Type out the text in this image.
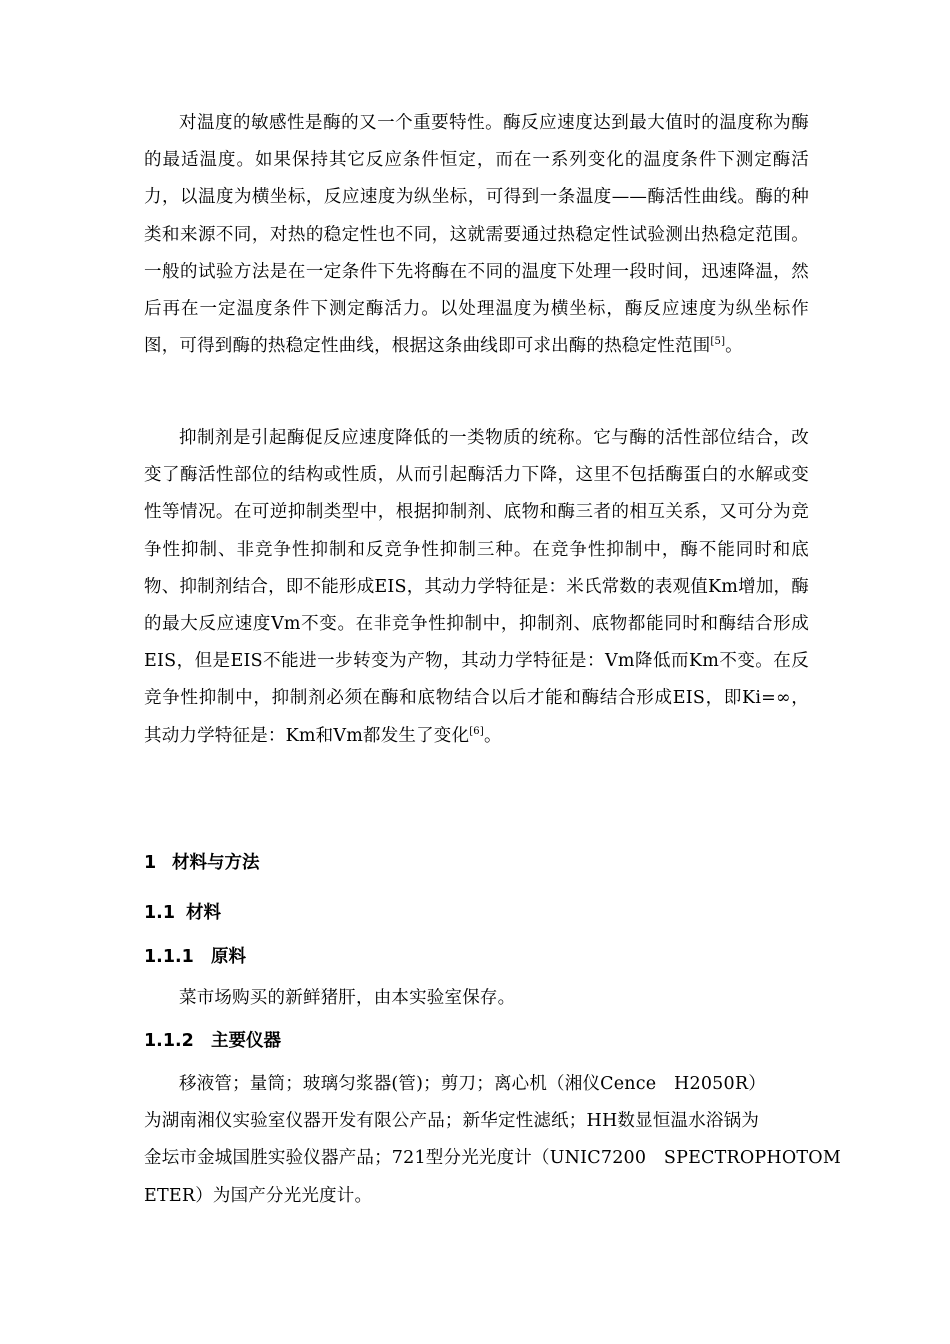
对温度的敏感性是酶的又一个重要特性。酶反应速度达到最大值时的温度称为酶的最适温度。如果保持其它反应条件恒定，而在一系列变化的温度条件下测定酶活力，以温度为横坐标，反应速度为纵坐标，可得到一条温度——酶活性曲线。酶的种类和来源不同，对热的稳定性也不同，这就需要通过热稳定性试验测出热稳定范围。一般的试验方法是在一定条件下先将酶在不同的温度下处理一段时间，迅速降温，然后再在一定温度条件下测定酶活力。以处理温度为横坐标，酶反应速度为纵坐标作图，可得到酶的热稳定性曲线，根据这条曲线即可求出酶的热稳定性范围[5]。

抑制剂是引起酶促反应速度降低的一类物质的统称。它与酶的活性部位结合，改变了酶活性部位的结构或性质，从而引起酶活力下降，这里不包括酶蛋白的水解或变性等情况。在可逆抑制类型中，根据抑制剂、底物和酶三者的相互关系，又可分为竞争性抑制、非竞争性抑制和反竞争性抑制三种。在竞争性抑制中，酶不能同时和底物、抑制剂结合，即不能形成EIS，其动力学特征是：米氏常数的表观值Km增加，酶的最大反应速度Vm不变。在非竞争性抑制中，抑制剂、底物都能同时和酶结合形成EIS，但是EIS不能进一步转变为产物，其动力学特征是：Vm降低而Km不变。在反竞争性抑制中，抑制剂必须在酶和底物结合以后才能和酶结合形成EIS，即Ki=∞，其动力学特征是：Km和Vm都发生了变化[6]。

1 材料与方法
1.1 材料
1.1.1 原料
菜市场购买的新鲜猪肝，由本实验室保存。
1.1.2 主要仪器
移液管；量筒；玻璃匀浆器(管)；剪刀；离心机（湘仪Cence　H2050R）
为湖南湘仪实验室仪器开发有限公产品；新华定性滤纸；HH数显恒温水浴锅为
金坛市金城国胜实验仪器产品；721型分光光度计（UNIC7200　SPECTROPHOTOM
ETER）为国产分光光度计。
